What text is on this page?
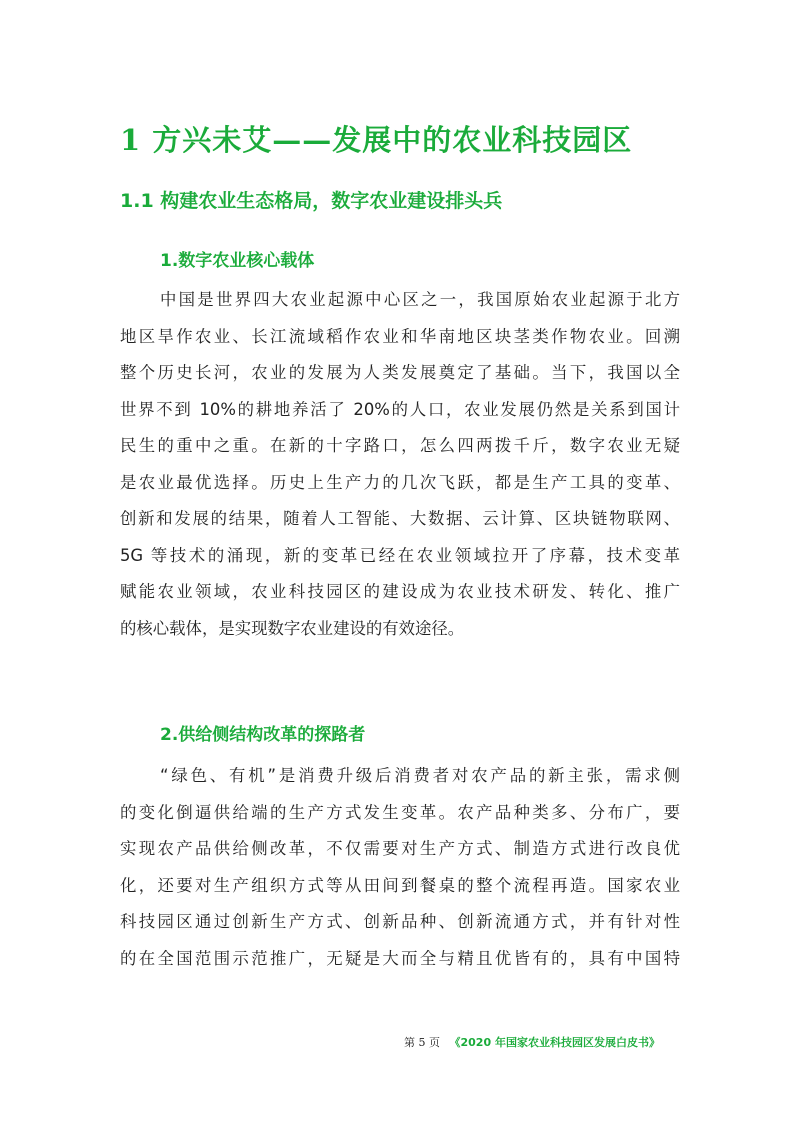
1 方兴未艾——发展中的农业科技园区
1.1 构建农业生态格局，数字农业建设排头兵
1.数字农业核心载体
中国是世界四大农业起源中心区之一，我国原始农业起源于北方
地区旱作农业、长江流域稻作农业和华南地区块茎类作物农业。回溯
整个历史长河，农业的发展为人类发展奠定了基础。当下，我国以全
世界不到 10%的耕地养活了 20%的人口，农业发展仍然是关系到国计
民生的重中之重。在新的十字路口，怎么四两拨千斤，数字农业无疑
是农业最优选择。历史上生产力的几次飞跃，都是生产工具的变革、
创新和发展的结果，随着人工智能、大数据、云计算、区块链物联网、
5G 等技术的涌现，新的变革已经在农业领域拉开了序幕，技术变革
赋能农业领域，农业科技园区的建设成为农业技术研发、转化、推广
的核心载体，是实现数字农业建设的有效途径。
2.供给侧结构改革的探路者
“绿色、有机”是消费升级后消费者对农产品的新主张，需求侧
的变化倒逼供给端的生产方式发生变革。农产品种类多、分布广，要
实现农产品供给侧改革，不仅需要对生产方式、制造方式进行改良优
化，还要对生产组织方式等从田间到餐桌的整个流程再造。国家农业
科技园区通过创新生产方式、创新品种、创新流通方式，并有针对性
的在全国范围示范推广，无疑是大而全与精且优皆有的，具有中国特
第 5 页 《2020 年国家农业科技园区发展白皮书》
